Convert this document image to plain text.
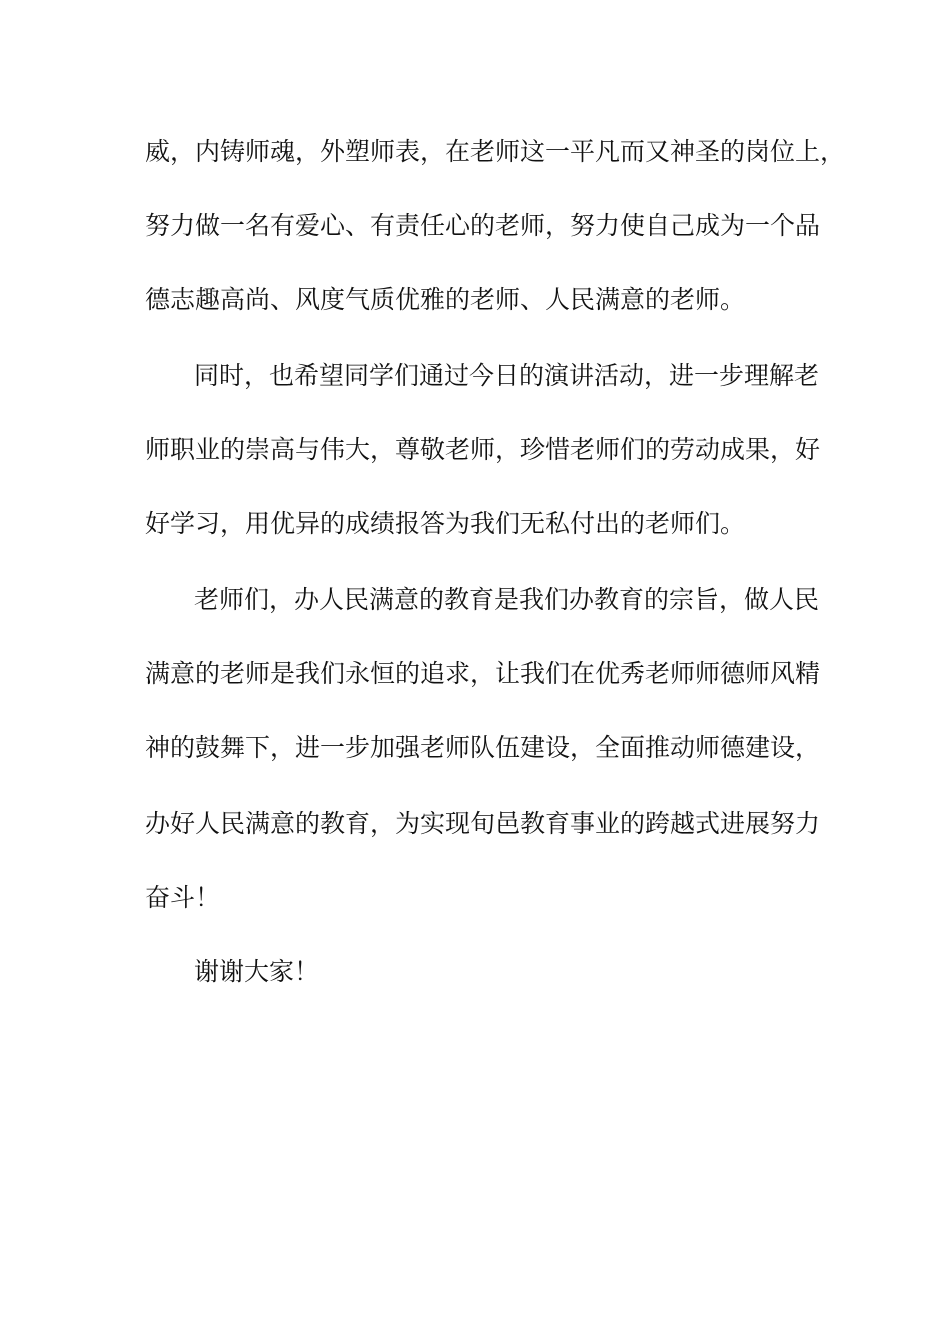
威，内铸师魂，外塑师表，在老师这一平凡而又神圣的岗位上，

努力做一名有爱心、有责任心的老师，努力使自己成为一个品

德志趣高尚、风度气质优雅的老师、人民满意的老师。

同时，也希望同学们通过今日的演讲活动，进一步理解老

师职业的崇高与伟大，尊敬老师，珍惜老师们的劳动成果，好

好学习，用优异的成绩报答为我们无私付出的老师们。

老师们，办人民满意的教育是我们办教育的宗旨，做人民

满意的老师是我们永恒的追求，让我们在优秀老师师德师风精

神的鼓舞下，进一步加强老师队伍建设，全面推动师德建设，

办好人民满意的教育，为实现旬邑教育事业的跨越式进展努力

奋斗！

谢谢大家！
